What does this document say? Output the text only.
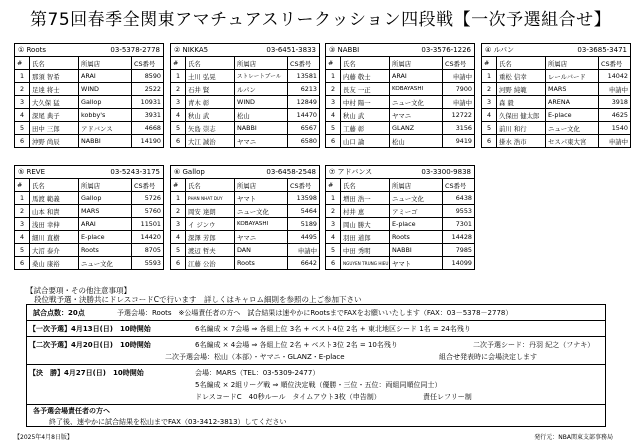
第75回春季全関東アマチュアスリークッション四段戦【一次予選組合せ】
① Roots	03-5378-2778
#	氏名	所属店	CS番号
1	那須 智希	ARAI	8590
2	足達 将士	WIND	2522
3	大久保 猛	Gallop	10931
4	深尾 典子	kobby's	3931
5	田中 三郎	アドバンス	4668
6	沖野 尚辰	NABBI	14190
② NIKKA5	03-6451-3833
#	氏名	所属店	CS番号
1	土川 弘晃	ストレートプール	13581
2	石井 賢	ルパン	6213
3	青木 彰	WIND	12849
4	秋山 武	松山	14470
5	矢島 崇志	NABBI	6567
6	大江 誠治	ヤマニ	6580
③ NABBI	03-3576-1226
#	氏名	所属店	CS番号
1	内藤 敬士	ARAI	申請中
2	長友 一正	KOBAYASHI	7900
3	中村 陽一	ニュー文化	申請中
4	秋山 武	ヤマニ	12722
5	工藤 彰	GLANZ	3156
6	山口 論	松山	9419
④ ルパン	03-3685-3471
#	氏名	所属店	CS番号
1	重松 信幸	レールバード	14042
2	河野 純範	MARS	申請中
3	森 毅	ARENA	3918
4	久保田 健太郎	E-place	4625
5	前川 和行	ニュー文化	1540
6	掛水 浩市	セスパ東大宮	申請中
⑤ REVE	03-5243-3175
#	氏名	所属店	CS番号
1	馬渡 範義	Gallop	5726
2	山本 和貴	MARS	5760
3	浅田 幸伸	ARAI	11501
4	細川 直樹	E-place	14420
5	大沼 泰介	Roots	8705
6	桑山 康裕	ニュー文化	5593
⑥ Gallop	03-6458-2548
#	氏名	所属店	CS番号
1	PHAN NHAT DUY	ヤマト	13598
2	岡安 達朗	ニュー文化	5464
3	イ ジンウ	KOBAYASHI	5189
4	深澤 芳郎	ヤマニ	4495
5	渡辺 哲夫	DAN	申請中
6	江藤 公治	Roots	6642
⑦ アドバンス	03-3300-9838
#	氏名	所属店	CS番号
1	増田 浩一	ニュー文化	6438
2	村井 恵	アミーゴ	9553
3	岡山 勝大	E-place	7301
4	羽田 道郎	Roots	14428
5	中田 秀明	NABBI	7985
6	NGUYEN TRUNG HIEU	ヤマト	14099
【試合要項・その他注意事項】
段位戦予選・決勝共にドレスコードCで行います　詳しくはキャロム細則を参照の上ご参加下さい
試合点数：20点	予選会場：Roots　※公場責任者の方へ　試合結果は速やかにRootsまでFAXをお願いいたします（FAX：03－5378－2778）
【一次予選】4月13日(日)　10時開始	6名編成 × 7会場 ⇒ 各組上位 3名 + ベスト4位 2名 + 東北地区シード 1名 = 24名残り
【二次予選】4月20日(日)　10時開始	6名編成 × 4会場 ⇒ 各組上位 2名 + ベスト3位 2名 = 10名残り	二次予選シード：丹羽 紀之（フナキ）
二次予選会場：松山（本部）・ヤマニ・GLANZ・E-place	組合せ発表時に会場決定します
【決　勝】4月27日(日)　10時開始	会場：MARS（TEL：03-5309-2477）
5名編成 × 2組リーグ戦 ⇒ 順位決定戦（優勝・三位・五位：両組同順位同士）
ドレスコードC　40秒ルール　タイムアウト3枚（申告制）	責任レフリー制
各予選会場責任者の方へ
終了後、速やかに試合結果を松山までFAX（03‐3412‐3813）してください
【2025年4月8日版】	発行元：NBA関東支部事務局
